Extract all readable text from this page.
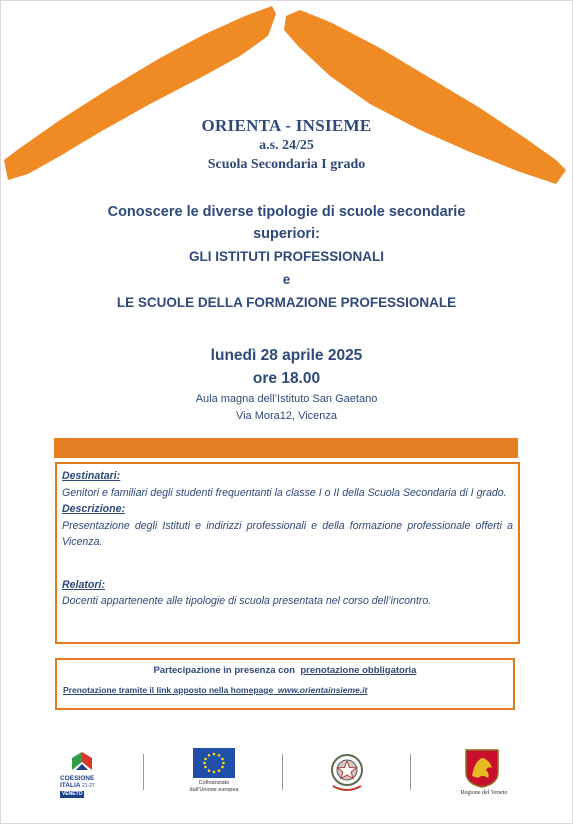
ORIENTA - INSIEME
a.s. 24/25
Scuola Secondaria I grado
Conoscere le diverse tipologie di scuole secondarie
superiori:
GLI ISTITUTI PROFESSIONALI
e
LE SCUOLE DELLA FORMAZIONE PROFESSIONALE
lunedì 28 aprile 2025
ore 18.00
Aula magna dell’Istituto San Gaetano
Via Mora12, Vicenza
Destinatari:
Genitori e familiari degli studenti frequentanti la classe I o II della Scuola Secondaria di I grado.
Descrizione:
Presentazione degli Istituti e indirizzi professionali e della formazione professionale offerti a Vicenza.
Relatori:
Docenti appartenente alle tipologie di scuola presentata nel corso dell’incontro.
Partecipazione in presenza con prenotazione obbligatoria
Prenotazione tramite il link apposto nella homepage www.orientainsieme.it
COESIONE
ITALIA 21-27
VENETO
Cofinanziato
dall’Unione europea	Regione del Veneto
